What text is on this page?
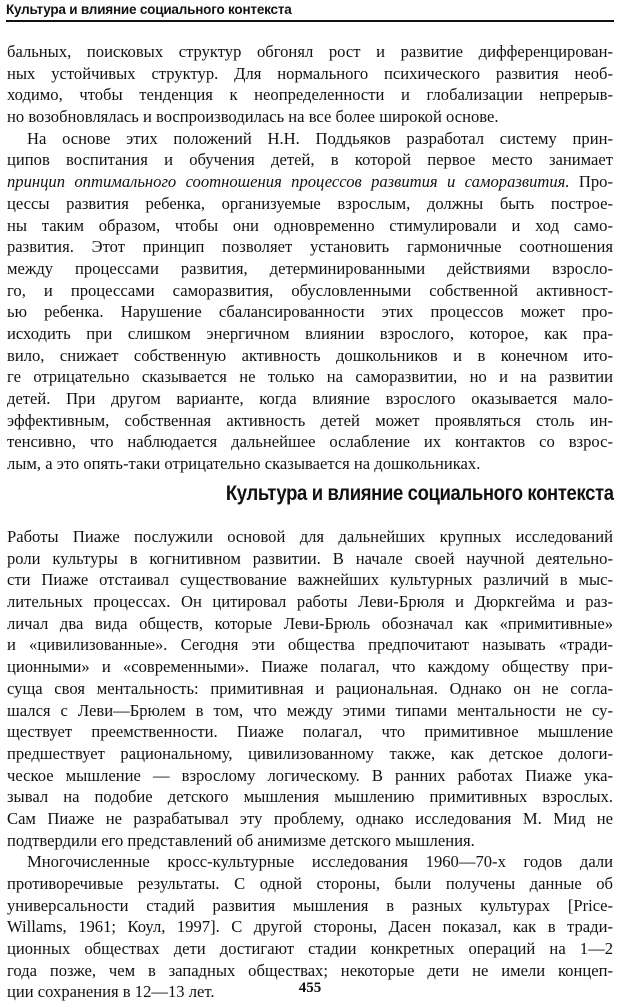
Культура и влияние социального контекста
бальных, поисковых структур обгонял рост и развитие дифференцирован-
ных устойчивых структур. Для нормального психического развития необ-
ходимо, чтобы тенденция к неопределенности и глобализации непрерыв-
но возобновлялась и воспроизводилась на все более широкой основе.
На основе этих положений Н.Н. Поддьяков разработал систему прин-
ципов воспитания и обучения детей, в которой первое место занимает
принцип оптимального соотношения процессов развития и саморазвития. Про-
цессы развития ребенка, организуемые взрослым, должны быть построе-
ны таким образом, чтобы они одновременно стимулировали и ход само-
развития. Этот принцип позволяет установить гармоничные соотношения
между процессами развития, детерминированными действиями взросло-
го, и процессами саморазвития, обусловленными собственной активност-
ью ребенка. Нарушение сбалансированности этих процессов может про-
исходить при слишком энергичном влиянии взрослого, которое, как пра-
вило, снижает собственную активность дошкольников и в конечном ито-
ге отрицательно сказывается не только на саморазвитии, но и на развитии
детей. При другом варианте, когда влияние взрослого оказывается мало-
эффективным, собственная активность детей может проявляться столь ин-
тенсивно, что наблюдается дальнейшее ослабление их контактов со взрос-
лым, а это опять-таки отрицательно сказывается на дошкольниках.
Культура и влияние социального контекста
Работы Пиаже послужили основой для дальнейших крупных исследований
роли культуры в когнитивном развитии. В начале своей научной деятельно-
сти Пиаже отстаивал существование важнейших культурных различий в мыс-
лительных процессах. Он цитировал работы Леви-Брюля и Дюркгейма и раз-
личал два вида обществ, которые Леви-Брюль обозначал как «примитивные»
и «цивилизованные». Сегодня эти общества предпочитают называть «тради-
ционными» и «современными». Пиаже полагал, что каждому обществу при-
суща своя ментальность: примитивная и рациональная. Однако он не согла-
шался с Леви—Брюлем в том, что между этими типами ментальности не су-
ществует преемственности. Пиаже полагал, что примитивное мышление
предшествует рациональному, цивилизованному также, как детское дологи-
ческое мышление — взрослому логическому. В ранних работах Пиаже ука-
зывал на подобие детского мышления мышлению примитивных взрослых.
Сам Пиаже не разрабатывал эту проблему, однако исследования М. Мид не
подтвердили его представлений об анимизме детского мышления.
Многочисленные кросс-культурные исследования 1960—70-х годов дали
противоречивые результаты. С одной стороны, были получены данные об
универсальности стадий развития мышления в разных культурах [Price-
Willams, 1961; Коул, 1997]. С другой стороны, Дасен показал, как в тради-
ционных обществах дети достигают стадии конкретных операций на 1—2
года позже, чем в западных обществах; некоторые дети не имели концеп-
ции сохранения в 12—13 лет.	455
